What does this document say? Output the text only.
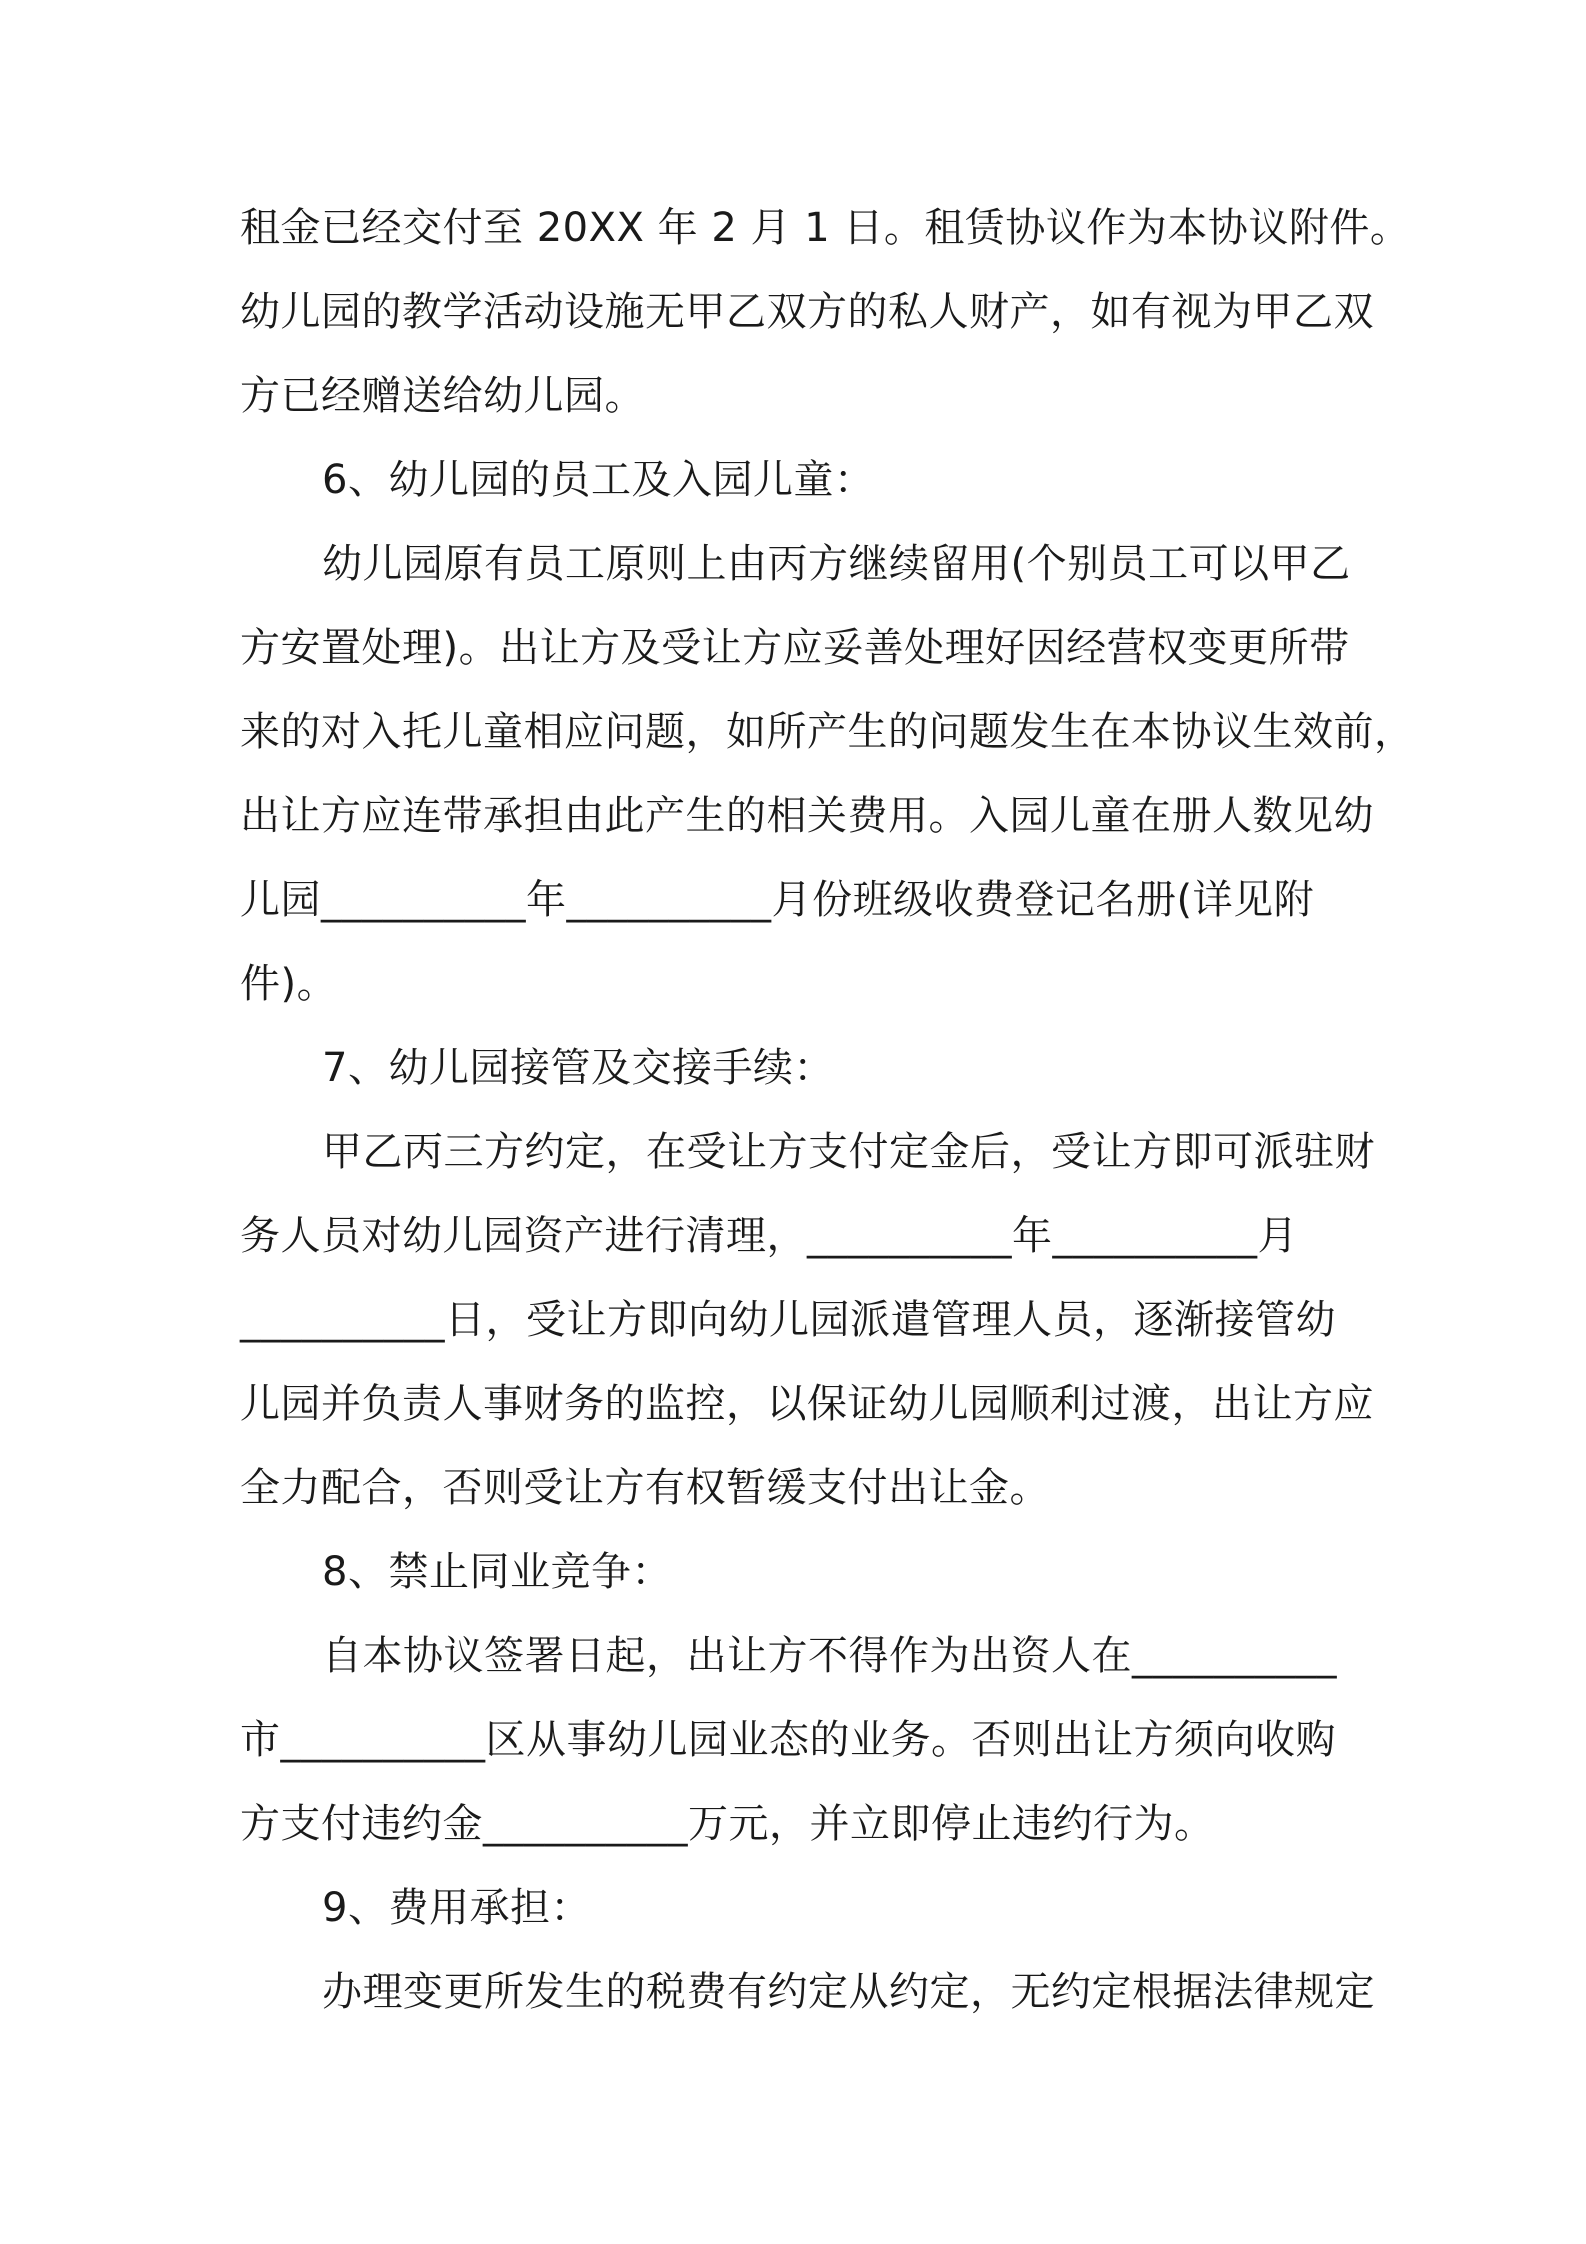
租金已经交付至 20XX 年 2 月 1 日。租赁协议作为本协议附件。
幼儿园的教学活动设施无甲乙双方的私人财产，如有视为甲乙双
方已经赠送给幼儿园。
6、幼儿园的员工及入园儿童：
幼儿园原有员工原则上由丙方继续留用(个别员工可以甲乙
方安置处理)。出让方及受让方应妥善处理好因经营权变更所带
来的对入托儿童相应问题，如所产生的问题发生在本协议生效前，
出让方应连带承担由此产生的相关费用。入园儿童在册人数见幼
儿园__________年__________月份班级收费登记名册(详见附
件)。
7、幼儿园接管及交接手续：
甲乙丙三方约定，在受让方支付定金后，受让方即可派驻财
务人员对幼儿园资产进行清理，__________年__________月
__________日，受让方即向幼儿园派遣管理人员，逐渐接管幼
儿园并负责人事财务的监控，以保证幼儿园顺利过渡，出让方应
全力配合，否则受让方有权暂缓支付出让金。
8、禁止同业竞争：
自本协议签署日起，出让方不得作为出资人在__________
市__________区从事幼儿园业态的业务。否则出让方须向收购
方支付违约金__________万元，并立即停止违约行为。
9、费用承担：
办理变更所发生的税费有约定从约定，无约定根据法律规定
